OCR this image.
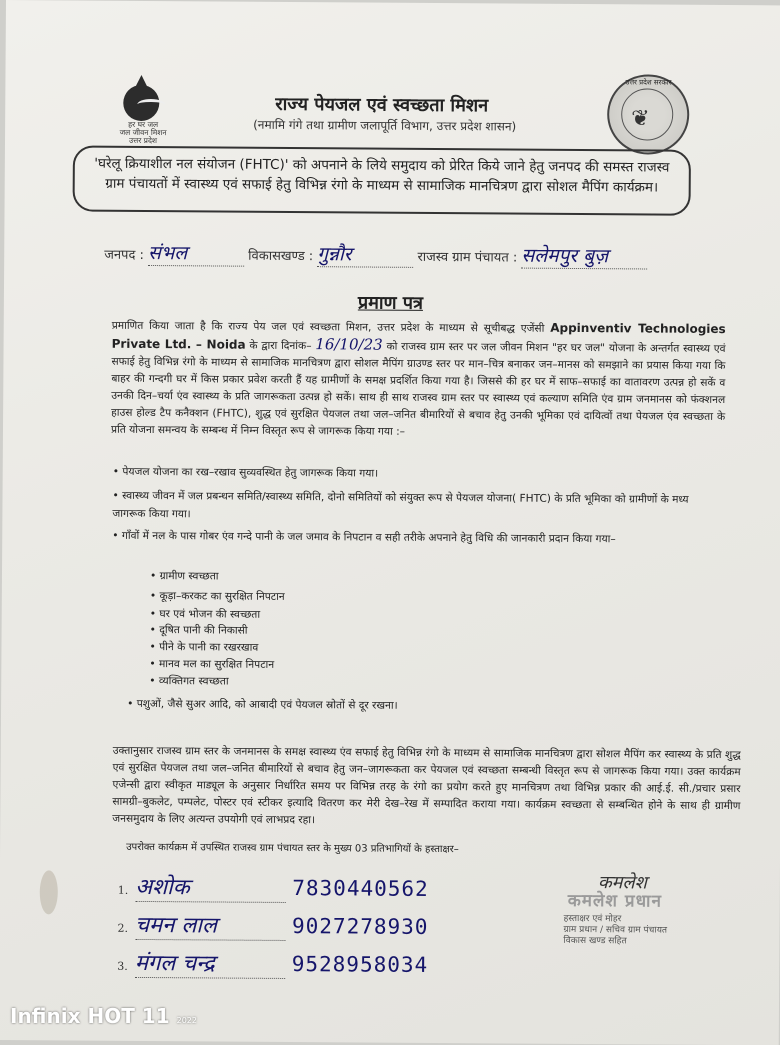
हर घर जल
जल जीवन मिशन
उत्तर प्रदेश
❦
उत्तर प्रदेश सरकार
राज्य पेयजल एवं स्वच्छता मिशन
(नमामि गंगे तथा ग्रामीण जलापूर्ति विभाग, उत्तर प्रदेश शासन)
'घरेलू क्रियाशील नल संयोजन (FHTC)' को अपनाने के लिये समुदाय को प्रेरित किये जाने हेतु जनपद की समस्त राजस्व ग्राम पंचायतों में स्वास्थ्य एवं सफाई हेतु विभिन्न रंगो के माध्यम से सामाजिक मानचित्रण द्वारा सोशल मैपिंग कार्यक्रम।
जनपद : संभल	विकासखण्ड : गुन्नौर	राजस्व ग्राम पंचायत : सलेमपुर बुज़
प्रमाण पत्र
प्रमाणित किया जाता है कि राज्य पेय जल एवं स्वच्छता मिशन, उत्तर प्रदेश के माध्यम से सूचीबद्ध एजेंसी Appinventiv Technologies Private Ltd. – Noida के द्वारा दिनांक– 16/10/23 को राजस्व ग्राम स्तर पर जल जीवन मिशन "हर घर जल" योजना के अन्तर्गत स्वास्थ्य एवं सफाई हेतु विभिन्न रंगो के माध्यम से सामाजिक मानचित्रण द्वारा सोशल मैपिंग ग्राउण्ड स्तर पर मान–चित्र बनाकर जन–मानस को समझाने का प्रयास किया गया कि बाहर की गन्दगी घर में किस प्रकार प्रवेश करती हैं यह ग्रामीणों के समक्ष प्रदर्शित किया गया है। जिससे की हर घर में साफ–सफाई का वातावरण उत्पन्न हो सकें व उनकी दिन–चर्या एंव स्वास्थ्य के प्रति जागरूकता उत्पन्न हो सकें। साथ ही साथ राजस्व ग्राम स्तर पर स्वास्थ्य एवं कल्याण समिति एंव ग्राम जनमानस को फंक्शनल हाउस होल्ड टैप कनैक्शन (FHTC), शुद्ध एवं सुरक्षित पेयजल तथा जल–जनित बीमारियों से बचाव हेतु उनकी भूमिका एवं दायित्वों तथा पेयजल एंव स्वच्छता के प्रति योजना समन्वय के सम्बन्ध में निम्न विस्तृत रूप से जागरूक किया गया :–
• पेयजल योजना का रख–रखाव सुव्यवस्थित हेतु जागरूक किया गया।
• स्वास्थ्य जीवन में जल प्रबन्धन समिति/स्वास्थ्य समिति, दोनो समितियों को संयुक्त रूप से पेयजल योजना( FHTC) के प्रति भूमिका को ग्रामीणों के मध्य जागरूक किया गया।
• गाँवों में नल के पास गोबर एंव गन्दे पानी के जल जमाव के निपटान व सही तरीके अपनाने हेतु विधि की जानकारी प्रदान किया गया–
• ग्रामीण स्वच्छता
• कूड़ा–करकट का सुरक्षित निपटान
• घर एवं भोजन की स्वच्छता
• दूषित पानी की निकासी
• पीने के पानी का रखरखाव
• मानव मल का सुरक्षित निपटान
• व्यक्तिगत स्वच्छता
• पशुओं, जैसे सुअर आदि, को आबादी एवं पेयजल स्रोतों से दूर रखना।
उक्तानुसार राजस्व ग्राम स्तर के जनमानस के समक्ष स्वास्थ्य एंव सफाई हेतु विभिन्न रंगो के माध्यम से सामाजिक मानचित्रण द्वारा सोशल मैपिंग कर स्वास्थ्य के प्रति शुद्ध एवं सुरक्षित पेयजल तथा जल–जनित बीमारियों से बचाव हेतु जन–जागरूकता कर पेयजल एवं स्वच्छता सम्बन्धी विस्तृत रूप से जागरूक किया गया। उक्त कार्यक्रम एजेन्सी द्वारा स्वीकृत माड्यूल के अनुसार निर्धारित समय पर विभिन्न तरह के रंगो का प्रयोग करते हुए मानचित्रण तथा विभिन्न प्रकार की आई.ई. सी./प्रचार प्रसार सामग्री–बुकलेट, पम्पलेट, पोस्टर एवं स्टीकर इत्यादि वितरण कर मेरी देख–रेख में सम्पादित कराया गया। कार्यक्रम स्वच्छता से सम्बन्धित होने के साथ ही ग्रामीण जनसमुदाय के लिए अत्यन्त उपयोगी एवं लाभप्रद रहा।
उपरोक्त कार्यक्रम में उपस्थित राजस्व ग्राम पंचायत स्तर के मुख्य 03 प्रतिभागियों के हस्ताक्षर–
1. अशोक	7830440562
2. चमन लाल	9027278930
3. मंगल चन्द्र	9528958034
कमलेश
कमलेश प्रधान
हस्ताक्षर एवं मोहर
ग्राम प्रधान / सचिव ग्राम पंचायत
विकास खण्ड सहित
Infinix HOT 11 2022
